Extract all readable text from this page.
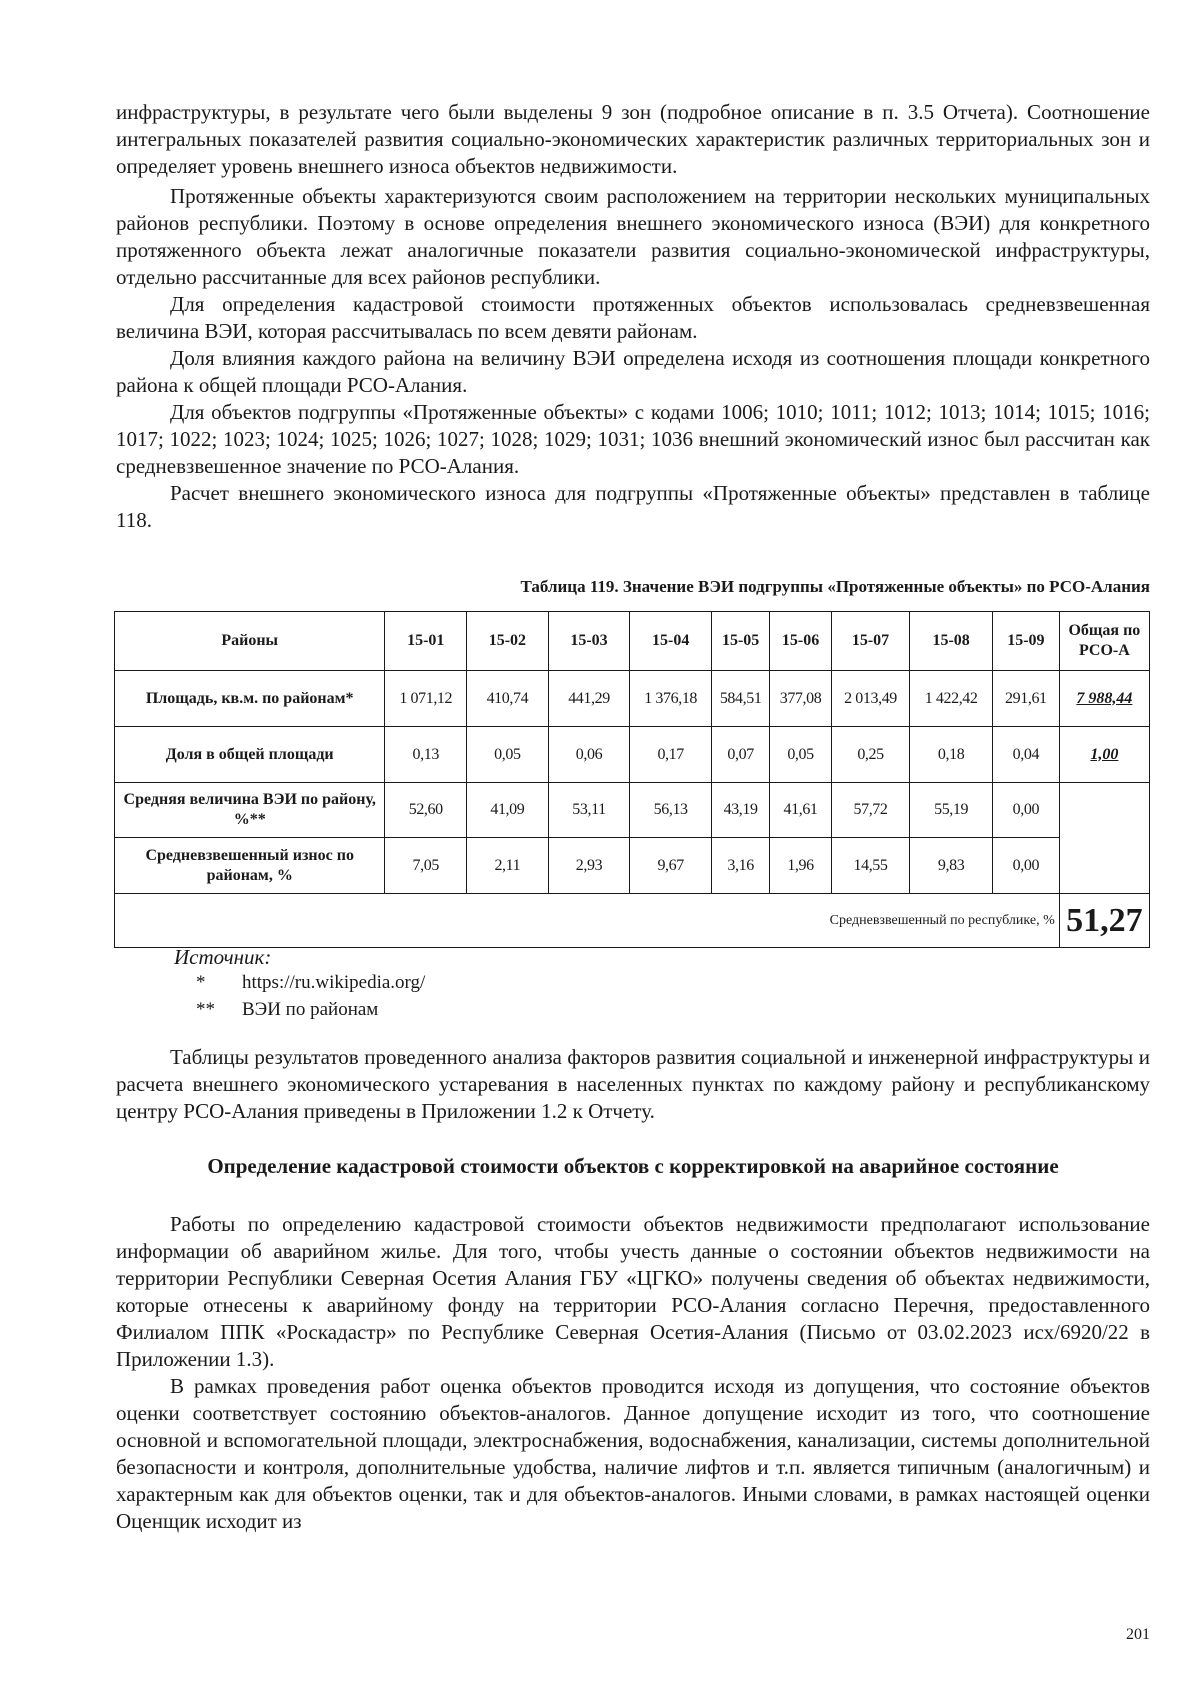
инфраструктуры, в результате чего были выделены 9 зон (подробное описание в п. 3.5 Отчета). Соотношение интегральных показателей развития социально-экономических характеристик различных территориальных зон и определяет уровень внешнего износа объектов недвижимости.

Протяженные объекты характеризуются своим расположением на территории нескольких муниципальных районов республики. Поэтому в основе определения внешнего экономического износа (ВЭИ) для конкретного протяженного объекта лежат аналогичные показатели развития социально-экономической инфраструктуры, отдельно рассчитанные для всех районов республики.

Для определения кадастровой стоимости протяженных объектов использовалась средневзвешенная величина ВЭИ, которая рассчитывалась по всем девяти районам.

Доля влияния каждого района на величину ВЭИ определена исходя из соотношения площади конкретного района к общей площади РСО-Алания.

Для объектов подгруппы «Протяженные объекты» с кодами 1006; 1010; 1011; 1012; 1013; 1014; 1015; 1016; 1017; 1022; 1023; 1024; 1025; 1026; 1027; 1028; 1029; 1031; 1036 внешний экономический износ был рассчитан как средневзвешенное значение по РСО-Алания.

Расчет внешнего экономического износа для подгруппы «Протяженные объекты» представлен в таблице 118.

Таблица 119. Значение ВЭИ подгруппы «Протяженные объекты» по РСО-Алания
Районы	15-01	15-02	15-03	15-04	15-05	15-06	15-07	15-08	15-09	Общая по РСО-А
Площадь, кв.м. по районам*	1 071,12	410,74	441,29	1 376,18	584,51	377,08	2 013,49	1 422,42	291,61	7 988,44
Доля в общей площади	0,13	0,05	0,06	0,17	0,07	0,05	0,25	0,18	0,04	1,00
Средняя величина ВЭИ по району, %**	52,60	41,09	53,11	56,13	43,19	41,61	57,72	55,19	0,00	
Средневзвешенный износ по районам, %	7,05	2,11	2,93	9,67	3,16	1,96	14,55	9,83	0,00	
Средневзвешенный по республике, %										51,27
Источник:
* https://ru.wikipedia.org/
** ВЭИ по районам

Таблицы результатов проведенного анализа факторов развития социальной и инженерной инфраструктуры и расчета внешнего экономического устаревания в населенных пунктах по каждому району и республиканскому центру РСО-Алания приведены в Приложении 1.2 к Отчету.

Определение кадастровой стоимости объектов с корректировкой на аварийное состояние

Работы по определению кадастровой стоимости объектов недвижимости предполагают использование информации об аварийном жилье. Для того, чтобы учесть данные о состоянии объектов недвижимости на территории Республики Северная Осетия Алания ГБУ «ЦГКО» получены сведения об объектах недвижимости, которые отнесены к аварийному фонду на территории РСО-Алания согласно Перечня, предоставленного Филиалом ППК «Роскадастр» по Республике Северная Осетия-Алания (Письмо от 03.02.2023 исх/6920/22 в Приложении 1.3).

В рамках проведения работ оценка объектов проводится исходя из допущения, что состояние объектов оценки соответствует состоянию объектов-аналогов. Данное допущение исходит из того, что соотношение основной и вспомогательной площади, электроснабжения, водоснабжения, канализации, системы дополнительной безопасности и контроля, дополнительные удобства, наличие лифтов и т.п. является типичным (аналогичным) и характерным как для объектов оценки, так и для объектов-аналогов. Иными словами, в рамках настоящей оценки Оценщик исходит из

201
